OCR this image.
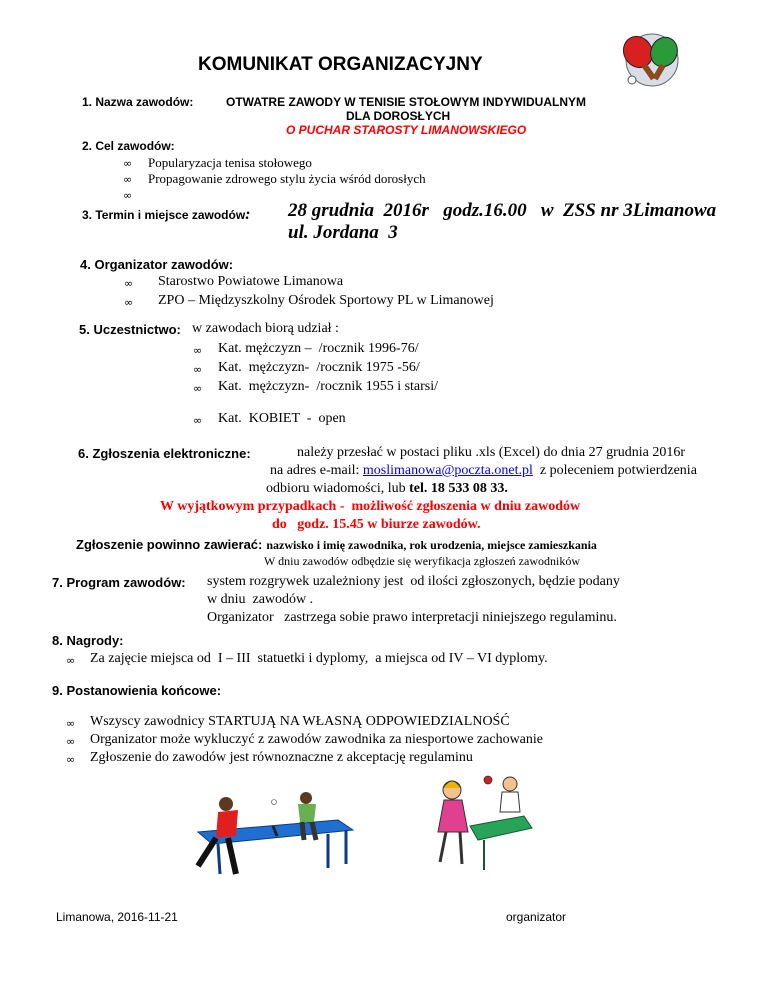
KOMUNIKAT ORGANIZACYJNY
1. Nazwa zawodów:	OTWATRE ZAWODY W TENISIE STOŁOWYM INDYWIDUALNYM
DLA DOROSŁYCH
O PUCHAR STAROSTY LIMANOWSKIEGO
2. Cel zawodów:
∞ Popularyzacja tenisa stołowego
∞ Propagowanie zdrowego stylu życia wśród dorosłych
∞
3. Termin i miejsce zawodów: 28 grudnia  2016r   godz.16.00   w  ZSS nr 3Limanowa
ul. Jordana  3
4. Organizator zawodów:
∞ Starostwo Powiatowe Limanowa
∞ ZPO – Międzyszkolny Ośrodek Sportowy PL w Limanowej
5. Uczestnictwo: w zawodach biorą udział :
∞ Kat. mężczyzn –  /rocznik 1996-76/
∞ Kat.  mężczyzn-  /rocznik 1975 -56/
∞ Kat.  mężczyzn-  /rocznik 1955 i starsi/
∞ Kat.  KOBIET  -  open
6. Zgłoszenia elektroniczne:	należy przesłać w postaci pliku .xls (Excel) do dnia 27 grudnia 2016r
na adres e-mail: moslimanowa@poczta.onet.pl z poleceniem potwierdzenia
odbioru wiadomości, lub tel. 18 533 08 33.
W wyjątkowym przypadkach -  możliwość zgłoszenia w dniu zawodów
do   godz. 15.45 w biurze zawodów.
Zgłoszenie powinno zawierać: nazwisko i imię zawodnika, rok urodzenia, miejsce zamieszkania
W dniu zawodów odbędzie się weryfikacja zgłoszeń zawodników
7. Program zawodów: system rozgrywek uzależniony jest  od ilości zgłoszonych, będzie podany
w dniu  zawodów .
Organizator   zastrzega sobie prawo interpretacji niniejszego regulaminu.
8. Nagrody:
∞ Za zajęcie miejsca od  I – III  statuetki i dyplomy,  a miejsca od IV – VI dyplomy.
9. Postanowienia końcowe:
∞ Wszyscy zawodnicy STARTUJĄ NA WŁASNĄ ODPOWIEDZIALNOŚĆ
∞ Organizator może wykluczyć z zawodów zawodnika za niesportowe zachowanie
∞ Zgłoszenie do zawodów jest równoznaczne z akceptację regulaminu
Limanowa, 2016-11-21	organizator
